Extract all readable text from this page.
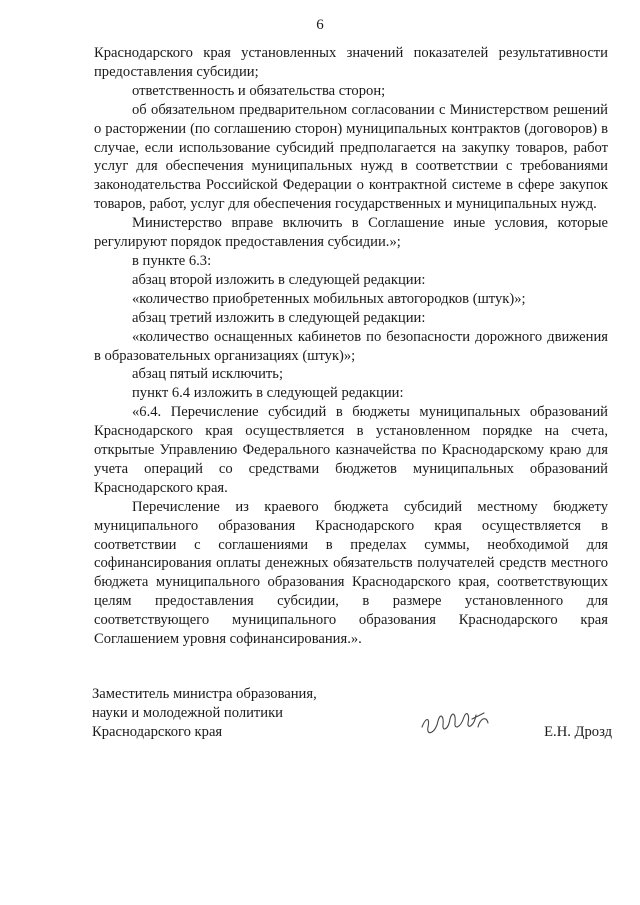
6

Краснодарского края установленных значений показателей результативности предоставления субсидии;

ответственность и обязательства сторон;

об обязательном предварительном согласовании с Министерством решений о расторжении (по соглашению сторон) муниципальных контрактов (договоров) в случае, если использование субсидий предполагается на закупку товаров, работ услуг для обеспечения муниципальных нужд в соответствии с требованиями законодательства Российской Федерации о контрактной системе в сфере закупок товаров, работ, услуг для обеспечения государственных и муниципальных нужд.

Министерство вправе включить в Соглашение иные условия, которые регулируют порядок предоставления субсидии.»;

в пункте 6.3:

абзац второй изложить в следующей редакции:

«количество приобретенных мобильных автогородков (штук)»;

абзац третий изложить в следующей редакции:

«количество оснащенных кабинетов по безопасности дорожного движения в образовательных организациях (штук)»;

абзац пятый исключить;

пункт 6.4 изложить в следующей редакции:

«6.4. Перечисление субсидий в бюджеты муниципальных образований Краснодарского края осуществляется в установленном порядке на счета, открытые Управлению Федерального казначейства по Краснодарскому краю для учета операций со средствами бюджетов муниципальных образований Краснодарского края.

Перечисление из краевого бюджета субсидий местному бюджету муниципального образования Краснодарского края осуществляется в соответствии с соглашениями в пределах суммы, необходимой для софинансирования оплаты денежных обязательств получателей средств местного бюджета муниципального образования Краснодарского края, соответствующих целям предоставления субсидии, в размере установленного для соответствующего муниципального образования Краснодарского края Соглашением уровня софинансирования.».

Заместитель министра образования,

науки и молодежной политики

Краснодарского края	Е.Н. Дрозд
